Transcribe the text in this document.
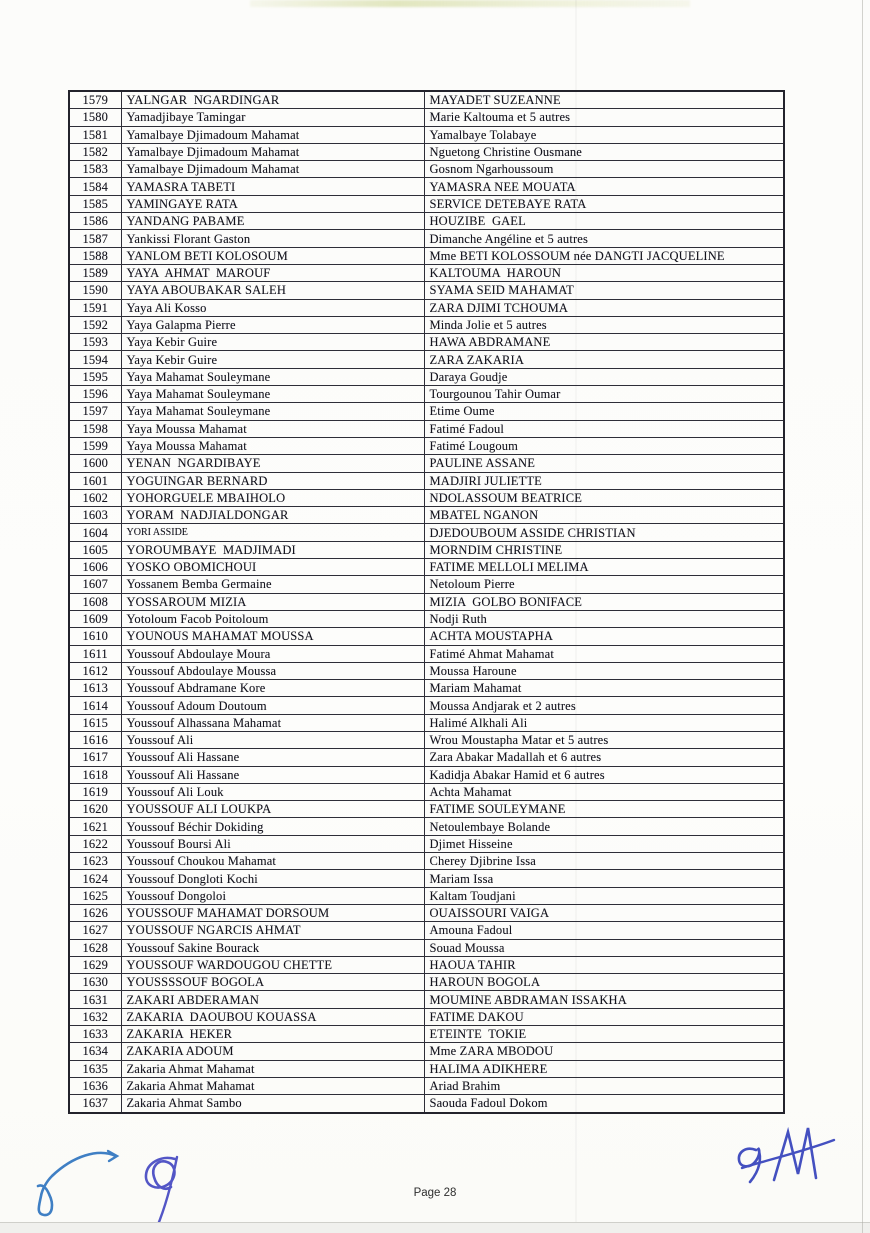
1579	YALNGAR  NGARDINGAR	MAYADET SUZEANNE
1580	Yamadjibaye Tamingar	Marie Kaltouma et 5 autres
1581	Yamalbaye Djimadoum Mahamat	Yamalbaye Tolabaye
1582	Yamalbaye Djimadoum Mahamat	Nguetong Christine Ousmane
1583	Yamalbaye Djimadoum Mahamat	Gosnom Ngarhoussoum
1584	YAMASRA TABETI	YAMASRA NEE MOUATA
1585	YAMINGAYE RATA	SERVICE DETEBAYE RATA
1586	YANDANG PABAME	HOUZIBE  GAEL
1587	Yankissi Florant Gaston	Dimanche Angéline et 5 autres
1588	YANLOM BETI KOLOSOUM	Mme BETI KOLOSSOUM née DANGTI JACQUELINE
1589	YAYA  AHMAT  MAROUF	KALTOUMA  HAROUN
1590	YAYA ABOUBAKAR SALEH	SYAMA SEID MAHAMAT
1591	Yaya Ali Kosso	ZARA DJIMI TCHOUMA
1592	Yaya Galapma Pierre	Minda Jolie et 5 autres
1593	Yaya Kebir Guire	HAWA ABDRAMANE
1594	Yaya Kebir Guire	ZARA ZAKARIA
1595	Yaya Mahamat Souleymane	Daraya Goudje
1596	Yaya Mahamat Souleymane	Tourgounou Tahir Oumar
1597	Yaya Mahamat Souleymane	Etime Oume
1598	Yaya Moussa Mahamat	Fatimé Fadoul
1599	Yaya Moussa Mahamat	Fatimé Lougoum
1600	YENAN  NGARDIBAYE	PAULINE ASSANE
1601	YOGUINGAR BERNARD	MADJIRI JULIETTE
1602	YOHORGUELE MBAIHOLO	NDOLASSOUM BEATRICE
1603	YORAM  NADJIALDONGAR	MBATEL NGANON
1604	YORI ASSIDE	DJEDOUBOUM ASSIDE CHRISTIAN
1605	YOROUMBAYE  MADJIMADI	MORNDIM CHRISTINE
1606	YOSKO OBOMICHOUI	FATIME MELLOLI MELIMA
1607	Yossanem Bemba Germaine	Netoloum Pierre
1608	YOSSAROUM MIZIA	MIZIA  GOLBO BONIFACE
1609	Yotoloum Facob Poitoloum	Nodji Ruth
1610	YOUNOUS MAHAMAT MOUSSA	ACHTA MOUSTAPHA
1611	Youssouf Abdoulaye Moura	Fatimé Ahmat Mahamat
1612	Youssouf Abdoulaye Moussa	Moussa Haroune
1613	Youssouf Abdramane Kore	Mariam Mahamat
1614	Youssouf Adoum Doutoum	Moussa Andjarak et 2 autres
1615	Youssouf Alhassana Mahamat	Halimé Alkhali Ali
1616	Youssouf Ali	Wrou Moustapha Matar et 5 autres
1617	Youssouf Ali Hassane	Zara Abakar Madallah et 6 autres
1618	Youssouf Ali Hassane	Kadidja Abakar Hamid et 6 autres
1619	Youssouf Ali Louk	Achta Mahamat
1620	YOUSSOUF ALI LOUKPA	FATIME SOULEYMANE
1621	Youssouf Béchir Dokiding	Netoulembaye Bolande
1622	Youssouf Boursi Ali	Djimet Hisseine
1623	Youssouf Choukou Mahamat	Cherey Djibrine Issa
1624	Youssouf Dongloti Kochi	Mariam Issa
1625	Youssouf Dongoloi	Kaltam Toudjani
1626	YOUSSOUF MAHAMAT DORSOUM	OUAISSOURI VAIGA
1627	YOUSSOUF NGARCIS AHMAT	Amouna Fadoul
1628	Youssouf Sakine Bourack	Souad Moussa
1629	YOUSSOUF WARDOUGOU CHETTE	HAOUA TAHIR
1630	YOUSSSSOUF BOGOLA	HAROUN BOGOLA
1631	ZAKARI ABDERAMAN	MOUMINE ABDRAMAN ISSAKHA
1632	ZAKARIA  DAOUBOU KOUASSA	FATIME DAKOU
1633	ZAKARIA  HEKER	ETEINTE  TOKIE
1634	ZAKARIA ADOUM	Mme ZARA MBODOU
1635	Zakaria Ahmat Mahamat	HALIMA ADIKHERE
1636	Zakaria Ahmat Mahamat	Ariad Brahim
1637	Zakaria Ahmat Sambo	Saouda Fadoul Dokom
Page 28
